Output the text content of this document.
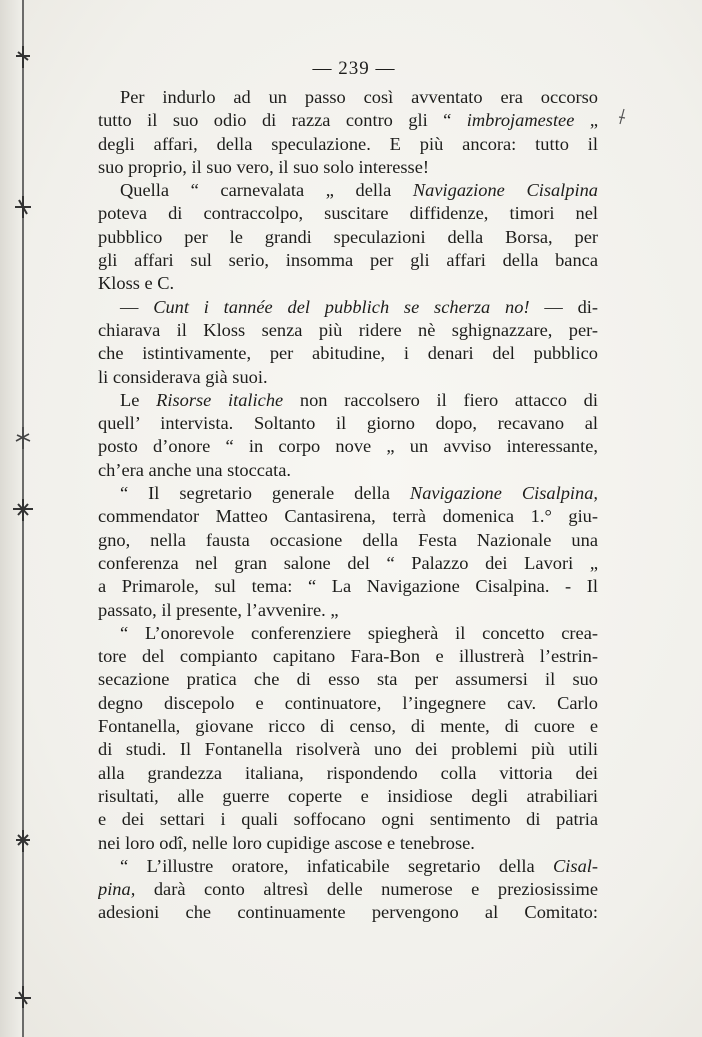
— 239 —

Per indurlo ad un passo così avventato era occorso
tutto il suo odio di razza contro gli “ imbrojamestee „
degli affari, della speculazione. E più ancora: tutto il
suo proprio, il suo vero, il suo solo interesse!
Quella “ carnevalata „ della Navigazione Cisalpina
poteva di contraccolpo, suscitare diffidenze, timori nel
pubblico per le grandi speculazioni della Borsa, per
gli affari sul serio, insomma per gli affari della banca
Kloss e C.
— Cunt i tannée del pubblich se scherza no! — di-
chiarava il Kloss senza più ridere nè sghignazzare, per-
che istintivamente, per abitudine, i denari del pubblico
li considerava già suoi.
Le Risorse italiche non raccolsero il fiero attacco di
quell’ intervista. Soltanto il giorno dopo, recavano al
posto d’onore “ in corpo nove „ un avviso interessante,
ch’era anche una stoccata.
“ Il segretario generale della Navigazione Cisalpina,
commendator Matteo Cantasirena, terrà domenica 1.° giu-
gno, nella fausta occasione della Festa Nazionale una
conferenza nel gran salone del “ Palazzo dei Lavori „
a Primarole, sul tema: “ La Navigazione Cisalpina. - Il
passato, il presente, l’avvenire. „
“ L’onorevole conferenziere spiegherà il concetto crea-
tore del compianto capitano Fara-Bon e illustrerà l’estrin-
secazione pratica che di esso sta per assumersi il suo
degno discepolo e continuatore, l’ingegnere cav. Carlo
Fontanella, giovane ricco di censo, di mente, di cuore e
di studi. Il Fontanella risolverà uno dei problemi più utili
alla grandezza italiana, rispondendo colla vittoria dei
risultati, alle guerre coperte e insidiose degli atrabiliari
e dei settari i quali soffocano ogni sentimento di patria
nei loro odî, nelle loro cupidige ascose e tenebrose.
“ L’illustre oratore, infaticabile segretario della Cisal-
pina, darà conto altresì delle numerose e preziosissime
adesioni che continuamente pervengono al Comitato:
